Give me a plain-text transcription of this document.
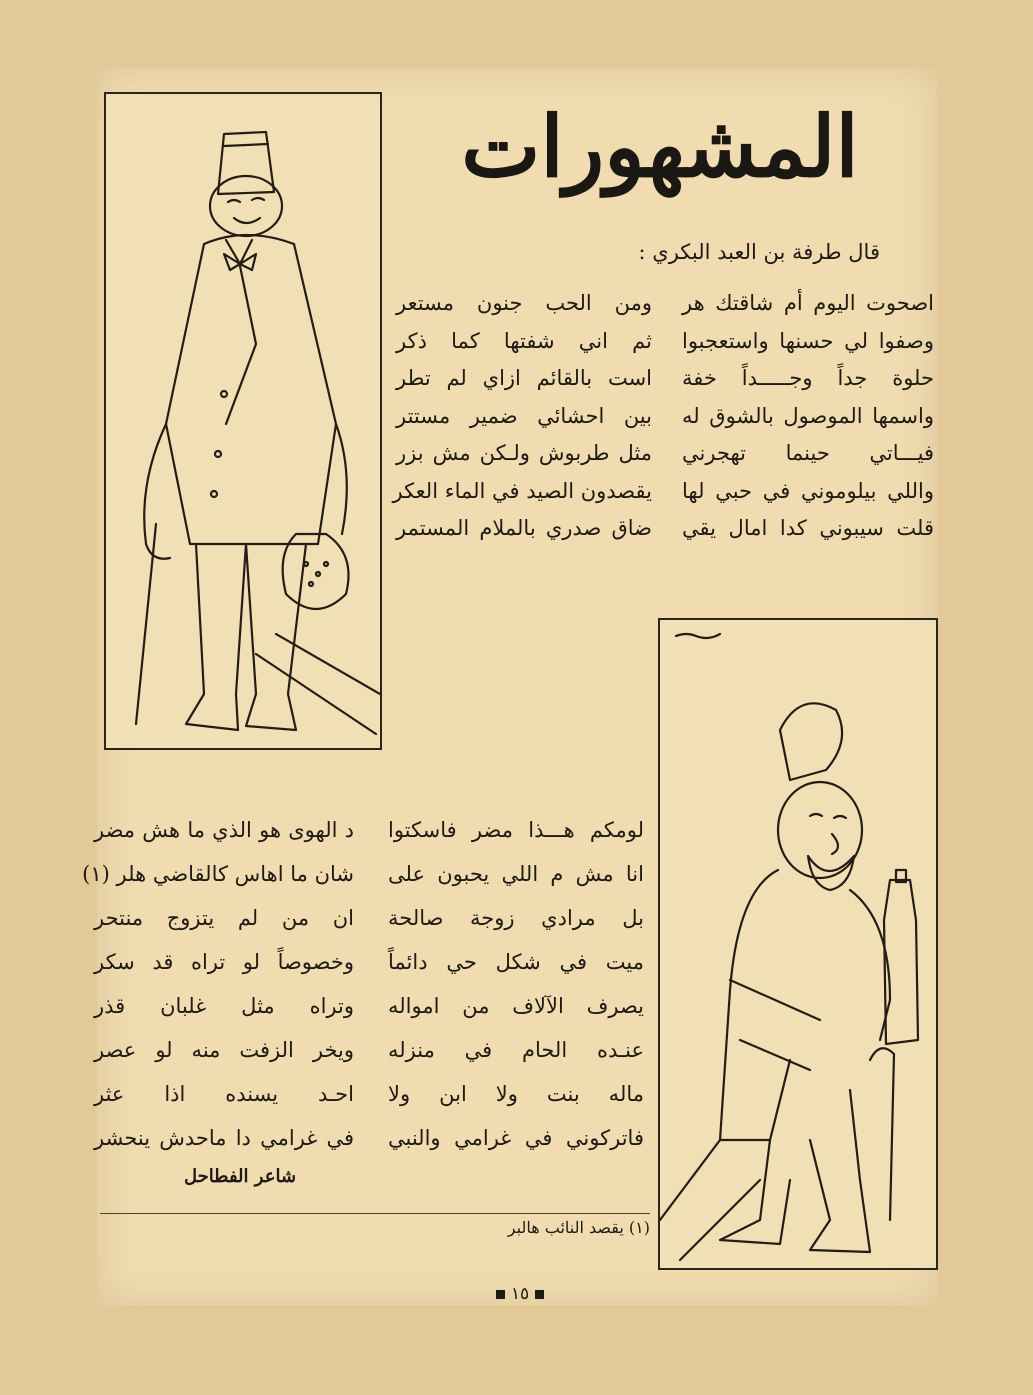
المشهورات
قال طرفة بن العبد البكري :
اصحوت اليوم أم شاقتك هر
وصفوا لي حسنها واستعجبوا
حلوة جداً وجـــــداً خفة
واسمها الموصول بالشوق له
فيـــاتي حينما تهجرني
واللي بيلوموني في حبي لها
قلت سيبوني كدا امال يقي
ومن الحب جنون مستعر
ثم اني شفتها كما ذكر
است بالقائم ازاي لم تطر
بين احشائي ضمير مستتر
مثل طربوش ولـكن مش بزر
يقصدون الصيد في الماء العكر
ضاق صدري بالملام المستمر
لومكم هـــذا مضر فاسكتوا
انا مش م اللي يحبون على
بل مرادي زوجة صالحة
ميت في شكل حي دائماً
يصرف الآلاف من امواله
عنـده الحام في منزله
ماله بنت ولا ابن ولا
فاتركوني في غرامي والنبي
د الهوى هو الذي ما هش مضر
شان ما اهاس كالقاضي هلر (١)
ان من لم يتزوج منتحر
وخصوصاً لو تراه قد سكر
وتراه مثل غلبان قذر
ويخر الزفت منه لو عصر
احـد يسنده اذا عثر
في غرامي دا ماحدش ينحشر
شاعر الفطاحل
(١) يقصد النائب هالبر
١٥
